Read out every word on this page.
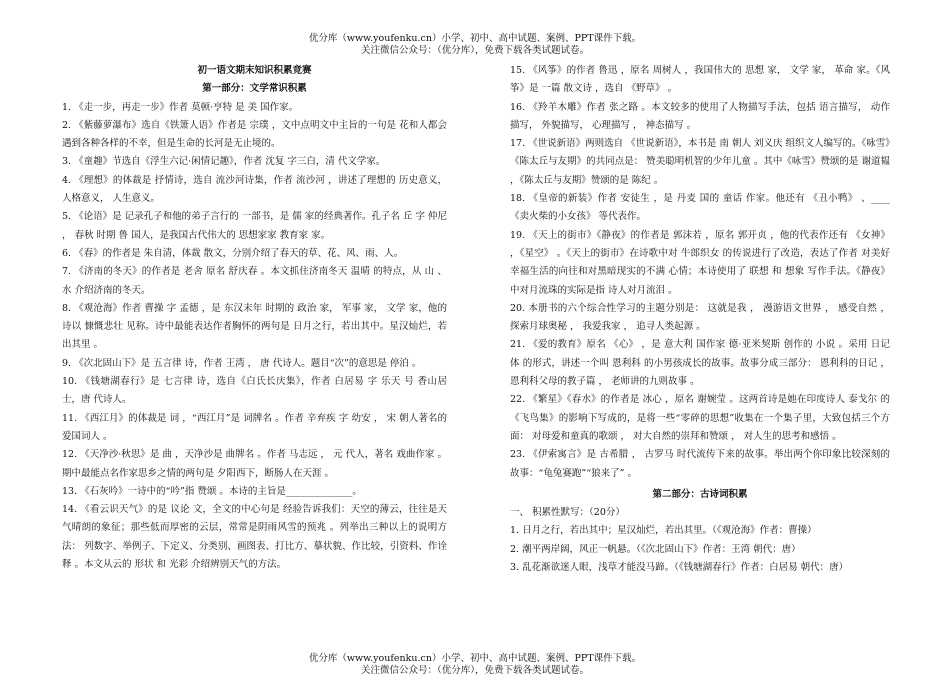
优分库（www.youfenku.cn）小学、初中、高中试题、案例、PPT课件下载。
关注微信公众号：（优分库），免费下载各类试题试卷。
初一语文期末知识积累竞赛
第一部分：文学常识积累
1. 《走一步，再走一步》作者 莫顿·亨特 是 美 国作家。
2. 《紫藤萝瀑布》选自《铁箫人语》作者是 宗璞 ，文中点明文中主旨的一句是 花和人都会遇到各种各样的不幸，但是生命的长河是无止境的。
3. 《童趣》节选自《浮生六记·闲情记趣》，作者 沈复 字三白，清 代文学家。
4. 《理想》的体裁是 抒情诗，选自 流沙河诗集，作者 流沙河 ，讲述了理想的 历史意义，人格意义， 人生意义。
5. 《论语》是 记录孔子和他的弟子言行的 一部书，是 儒 家的经典著作。孔子名 丘 字 仲尼 ， 春秋 时期 鲁 国人，是我国古代伟大的 思想家家 教育家 家。
6. 《春》的作者是 朱自清，体裁 散文，分别介绍了春天的草、花、风、雨、人。
7. 《济南的冬天》的作者是 老舍 原名 舒庆春 。本文抓住济南冬天 温晴 的特点，从 山 、 水 介绍济南的冬天。
8. 《观沧海》作者 曹操 字 孟德 ，是 东汉末年 时期的 政治 家， 军事 家， 文学 家，他的诗以 慷慨悲壮 见称。诗中最能表达作者胸怀的两句是 日月之行，若出其中。星汉灿烂，若出其里 。
9. 《次北固山下》是 五言律 诗，作者 王湾 ， 唐 代诗人。题目“次”的意思是 停泊 。
10. 《钱塘湖春行》是 七言律 诗，选自《白氏长庆集》，作者 白居易 字 乐天 号 香山居士，唐 代诗人。
11. 《西江月》的体裁是 词 ，“西江月”是 词牌名 。作者 辛弃疾 字 幼安 ， 宋 朝人著名的 爱国词人 。
12. 《天净沙·秋思》是 曲 ，天净沙是 曲牌名 。作者 马志远 ， 元 代人，著名 戏曲作家 。期中最能点名作家思乡之情的两句是 夕阳西下，断肠人在天涯 。
13. 《石灰吟》一诗中的“吟”指 赞颂 。本诗的主旨是______________。
14. 《看云识天气》的是 议论 文，全文的中心句是 经验告诉我们：天空的薄云，往往是天气晴朗的象征；那些低而厚密的云层，常常是阴雨风雪的预兆 。列举出三种以上的说明方法： 列数字、举例子、下定义、分类别、画图表、打比方、摹状貌、作比较，引资料、作诠释 。本文从云的 形状 和 光彩 介绍辨别天气的方法。
15. 《风筝》的作者 鲁迅 ，原名 周树人 ，我国伟大的 思想 家， 文学 家， 革命 家。《风筝》是 一篇 散文诗 ，选自 《野草》 。
16. 《羚羊木雕》作者 张之路 。本文较多的使用了人物描写手法，包括 语言描写， 动作描写， 外貌描写， 心理描写 ， 神态描写 。
17. 《世说新语》两则选自 《世说新语》，本书是 南 朝人 刘义庆 组织文人编写的。《咏雪》《陈太丘与友期》的共同点是： 赞美聪明机智的少年儿童 。其中《咏雪》赞颂的是 谢道韫 ，《陈太丘与友期》赞颂的是 陈纪 。
18. 《皇帝的新装》作者 安徒生 ，是 丹麦 国的 童话 作家。他还有 《丑小鸭》 、____ 《卖火柴的小女孩》 等代表作。
19. 《天上的街市》《静夜》的作者是 郭沫若 ，原名 郭开贞 ，他的代表作还有 《女神》 ，《星空》 。《天上的街市》在诗歌中对 牛郎织女 的传说进行了改造，表达了作者 对美好幸福生活的向往和对黑暗现实的不满 心情；本诗使用了 联想 和 想象 写作手法。《静夜》中对月流珠的实际是指 诗人对月流泪 。
20. 本册书的六个综合性学习的主题分别是： 这就是我 ， 漫游语文世界 ， 感受自然 ， 探索月球奥秘 ， 我爱我家 ， 追寻人类起源 。
21. 《爱的教育》原名 《心》 ，是 意大利 国作家 德·亚米契斯 创作的 小说 。采用 日记体 的形式，讲述一个叫 恩利科 的小男孩成长的故事。故事分成三部分： 恩利科的日记 ， 恩利科父母的教子篇 ， 老师讲的九则故事 。
22. 《繁星》《春水》的作者是 冰心 ，原名 谢婉莹 。这两首诗是她在印度诗人 泰戈尔 的《飞鸟集》的影响下写成的，是将一些“零碎的思想”收集在一个集子里，大致包括三个方面： 对母爱和童真的歌颂 ， 对大自然的崇拜和赞颂 ， 对人生的思考和感悟 。
23. 《伊索寓言》是 古希腊 ， 古罗马 时代流传下来的故事。举出两个你印象比较深刻的故事：“龟兔赛跑”“狼来了” 。
第二部分：古诗词积累
一、 积累性默写：（20分）
1. 日月之行，若出其中；星汉灿烂，若出其里。（《观沧海》作者：曹操）
2. 潮平两岸阔，风正一帆悬。（《次北固山下》作者：王湾 朝代：唐）
3. 乱花渐欲迷人眼，浅草才能没马蹄。（《钱塘湖春行》作者：白居易 朝代：唐）
优分库（www.youfenku.cn）小学、初中、高中试题、案例、PPT课件下载。
关注微信公众号：（优分库），免费下载各类试题试卷。
